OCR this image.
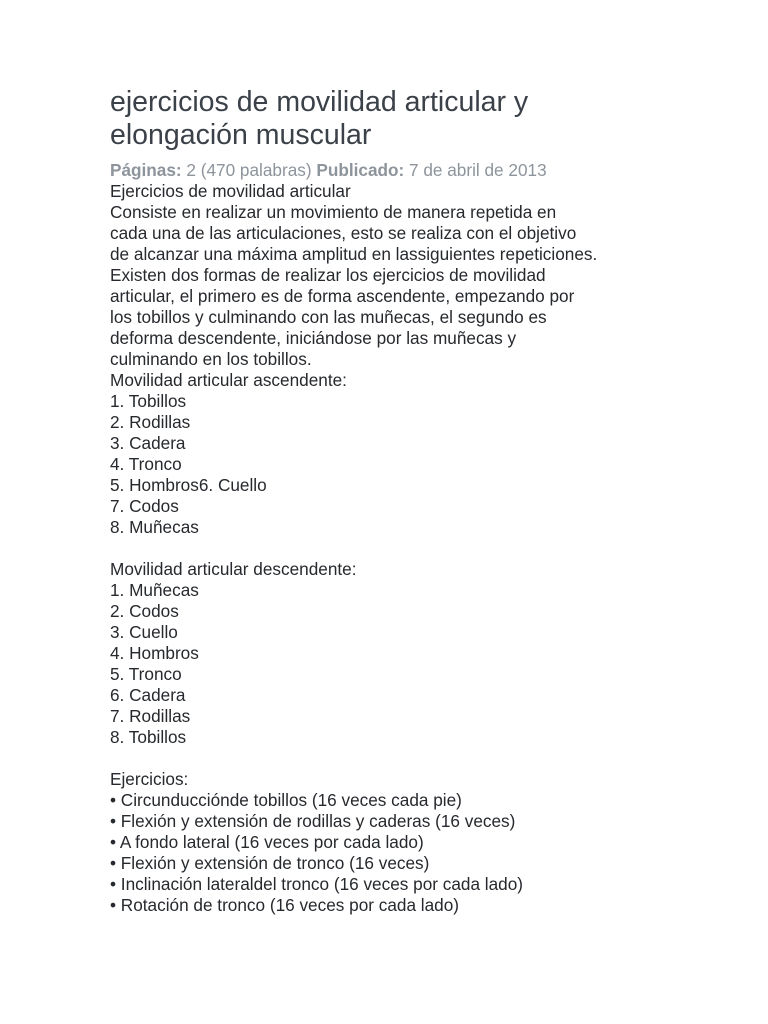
ejercicios de movilidad articular y
elongación muscular
Páginas: 2 (470 palabras) Publicado: 7 de abril de 2013
Ejercicios de movilidad articular
Consiste en realizar un movimiento de manera repetida en
cada una de las articulaciones, esto se realiza con el objetivo
de alcanzar una máxima amplitud en lassiguientes repeticiones.
Existen dos formas de realizar los ejercicios de movilidad
articular, el primero es de forma ascendente, empezando por
los tobillos y culminando con las muñecas, el segundo es
deforma descendente, iniciándose por las muñecas y
culminando en los tobillos.
Movilidad articular ascendente:
1. Tobillos
2. Rodillas
3. Cadera
4. Tronco
5. Hombros6. Cuello
7. Codos
8. Muñecas
Movilidad articular descendente:
1. Muñecas
2. Codos
3. Cuello
4. Hombros
5. Tronco
6. Cadera
7. Rodillas
8. Tobillos
Ejercicios:
• Circunducciónde tobillos (16 veces cada pie)
• Flexión y extensión de rodillas y caderas (16 veces)
• A fondo lateral (16 veces por cada lado)
• Flexión y extensión de tronco (16 veces)
• Inclinación lateraldel tronco (16 veces por cada lado)
• Rotación de tronco (16 veces por cada lado)
